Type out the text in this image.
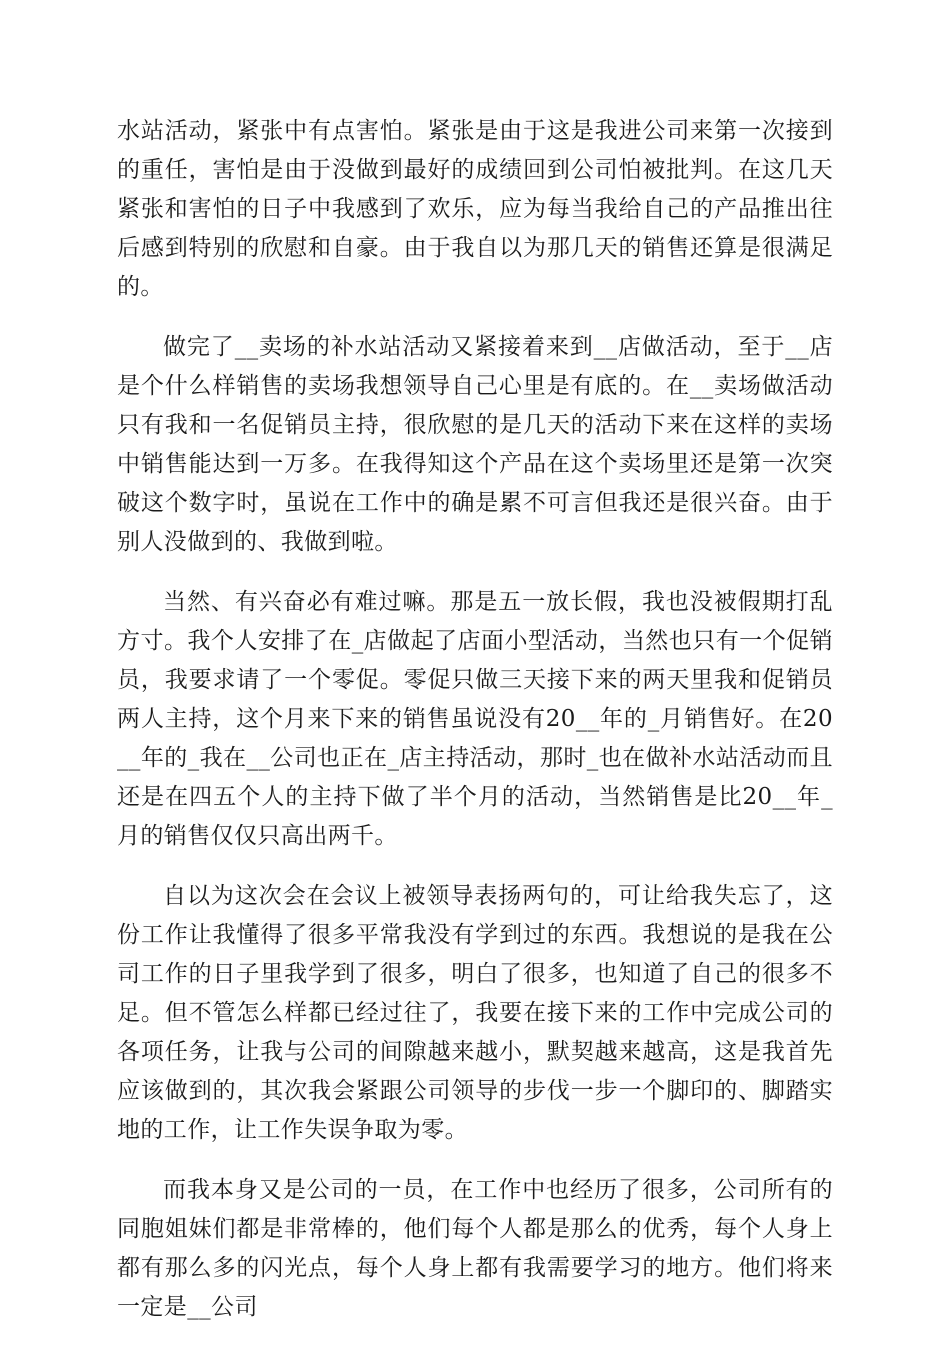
水站活动，紧张中有点害怕。紧张是由于这是我进公司来第一次接到的重任，害怕是由于没做到最好的成绩回到公司怕被批判。在这几天紧张和害怕的日子中我感到了欢乐，应为每当我给自己的产品推出往后感到特别的欣慰和自豪。由于我自以为那几天的销售还算是很满足的。

做完了__卖场的补水站活动又紧接着来到__店做活动，至于__店是个什么样销售的卖场我想领导自己心里是有底的。在__卖场做活动只有我和一名促销员主持，很欣慰的是几天的活动下来在这样的卖场中销售能达到一万多。在我得知这个产品在这个卖场里还是第一次突破这个数字时，虽说在工作中的确是累不可言但我还是很兴奋。由于别人没做到的、我做到啦。

当然、有兴奋必有难过嘛。那是五一放长假，我也没被假期打乱方寸。我个人安排了在_店做起了店面小型活动，当然也只有一个促销员，我要求请了一个零促。零促只做三天接下来的两天里我和促销员两人主持，这个月来下来的销售虽说没有20__年的_月销售好。在20__年的_我在__公司也正在_店主持活动，那时_也在做补水站活动而且还是在四五个人的主持下做了半个月的活动，当然销售是比20__年_月的销售仅仅只高出两千。

自以为这次会在会议上被领导表扬两句的，可让给我失忘了，这份工作让我懂得了很多平常我没有学到过的东西。我想说的是我在公司工作的日子里我学到了很多，明白了很多，也知道了自己的很多不足。但不管怎么样都已经过往了，我要在接下来的工作中完成公司的各项任务，让我与公司的间隙越来越小，默契越来越高，这是我首先应该做到的，其次我会紧跟公司领导的步伐一步一个脚印的、脚踏实地的工作，让工作失误争取为零。

而我本身又是公司的一员，在工作中也经历了很多，公司所有的同胞姐妹们都是非常棒的，他们每个人都是那么的优秀，每个人身上都有那么多的闪光点，每个人身上都有我需要学习的地方。他们将来一定是__公司
